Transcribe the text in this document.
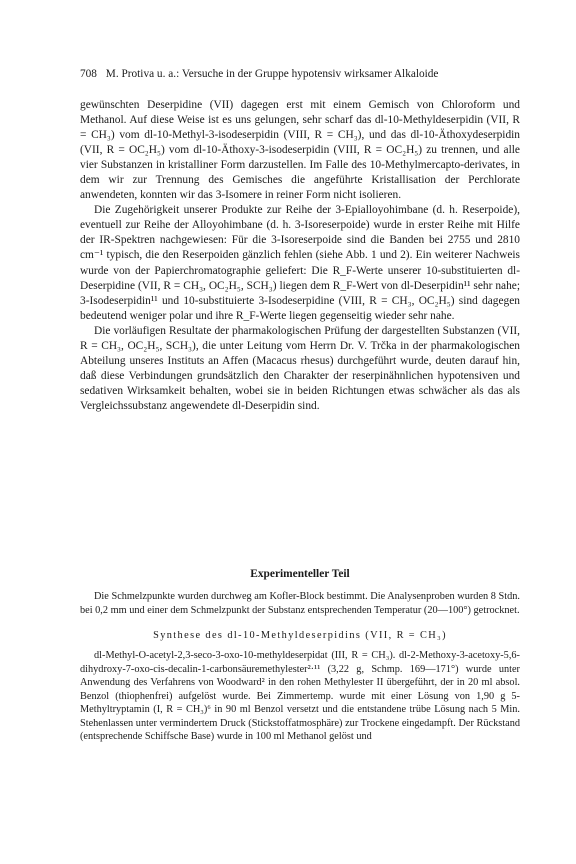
708 M. Protiva u. a.: Versuche in der Gruppe hypotensiv wirksamer Alkaloide

gewünschten Deserpidine (VII) dagegen erst mit einem Gemisch von Chloroform und Methanol. Auf diese Weise ist es uns gelungen, sehr scharf das dl-10-Methyldeserpidin (VII, R = CH₃) vom dl-10-Methyl-3-isodeserpidin (VIII, R = CH₃), und das dl-10-Äthoxydeserpidin (VII, R = OC₂H₅) vom dl-10-Äthoxy-3-isodeserpidin (VIII, R = OC₂H₅) zu trennen, und alle vier Substanzen in kristalliner Form darzustellen. Im Falle des 10-Methylmercapto-derivates, in dem wir zur Trennung des Gemisches die angeführte Kristallisation der Perchlorate anwendeten, konnten wir das 3-Isomere in reiner Form nicht isolieren.

Die Zugehörigkeit unserer Produkte zur Reihe der 3-Epialloyohimbane (d. h. Reserpoide), eventuell zur Reihe der Alloyohimbane (d. h. 3-Isoreserpoide) wurde in erster Reihe mit Hilfe der IR-Spektren nachgewiesen: Für die 3-Isoreserpoide sind die Banden bei 2755 und 2810 cm⁻¹ typisch, die den Reserpoiden gänzlich fehlen (siehe Abb. 1 und 2). Ein weiterer Nachweis wurde von der Papierchromatographie geliefert: Die R_F-Werte unserer 10-substituierten dl-Deserpidine (VII, R = CH₃, OC₂H₅, SCH₃) liegen dem R_F-Wert von dl-Deserpidin¹¹ sehr nahe; 3-Isodeserpidin¹¹ und 10-substituierte 3-Isodeserpidine (VIII, R = CH₃, OC₂H₅) sind dagegen bedeutend weniger polar und ihre R_F-Werte liegen gegenseitig wieder sehr nahe.

Die vorläufigen Resultate der pharmakologischen Prüfung der dargestellten Substanzen (VII, R = CH₃, OC₂H₅, SCH₃), die unter Leitung vom Herrn Dr. V. Trčka in der pharmakologischen Abteilung unseres Instituts an Affen (Macacus rhesus) durchgeführt wurde, deuten darauf hin, daß diese Verbindungen grundsätzlich den Charakter der reserpinähnlichen hypotensiven und sedativen Wirksamkeit behalten, wobei sie in beiden Richtungen etwas schwächer als das als Vergleichssubstanz angewendete dl-Deserpidin sind.

Experimenteller Teil

Die Schmelzpunkte wurden durchweg am Kofler-Block bestimmt. Die Analysenproben wurden 8 Stdn. bei 0,2 mm und einer dem Schmelzpunkt der Substanz entsprechenden Temperatur (20—100°) getrocknet.

Synthese des dl-10-Methyldeserpidins (VII, R = CH₃)

dl-Methyl-O-acetyl-2,3-seco-3-oxo-10-methyldeserpidat (III, R = CH₃). dl-2-Methoxy-3-acetoxy-5,6-dihydroxy-7-oxo-cis-decalin-1-carbonsäuremethylester²·¹¹ (3,22 g, Schmp. 169—171°) wurde unter Anwendung des Verfahrens von Woodward² in den rohen Methylester II übergeführt, der in 20 ml absol. Benzol (thiophenfrei) aufgelöst wurde. Bei Zimmertemp. wurde mit einer Lösung von 1,90 g 5-Methyltryptamin (I, R = CH₃)⁶ in 90 ml Benzol versetzt und die entstandene trübe Lösung nach 5 Min. Stehenlassen unter vermindertem Druck (Stickstoffatmosphäre) zur Trockene eingedampft. Der Rückstand (entsprechende Schiffsche Base) wurde in 100 ml Methanol gelöst und
